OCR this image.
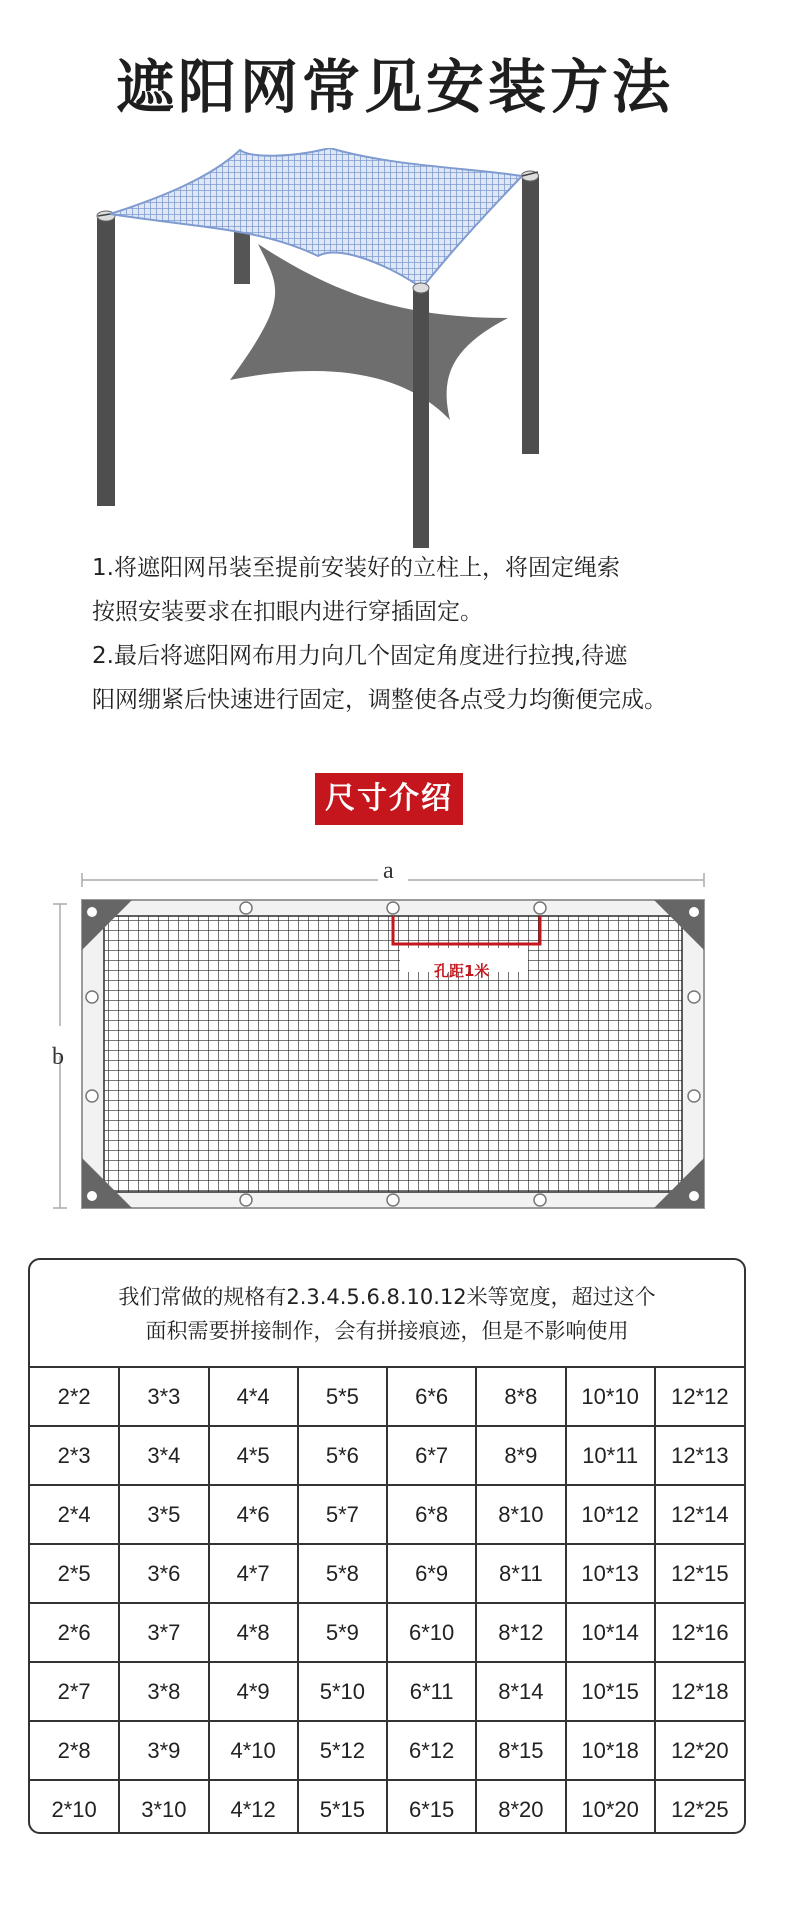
遮阳网常见安装方法

1.将遮阳网吊装至提前安装好的立柱上，将固定绳索

按照安装要求在扣眼内进行穿插固定。

2.最后将遮阳网布用力向几个固定角度进行拉拽,待遮

阳网绷紧后快速进行固定，调整使各点受力均衡便完成。

尺寸介绍
a
b
孔距1米
我们常做的规格有2.3.4.5.6.8.10.12米等宽度，超过这个
面积需要拼接制作，会有拼接痕迹，但是不影响使用
2*2	3*3	4*4	5*5	6*6	8*8	10*10	12*12
2*3	3*4	4*5	5*6	6*7	8*9	10*11	12*13
2*4	3*5	4*6	5*7	6*8	8*10	10*12	12*14
2*5	3*6	4*7	5*8	6*9	8*11	10*13	12*15
2*6	3*7	4*8	5*9	6*10	8*12	10*14	12*16
2*7	3*8	4*9	5*10	6*11	8*14	10*15	12*18
2*8	3*9	4*10	5*12	6*12	8*15	10*18	12*20
2*10	3*10	4*12	5*15	6*15	8*20	10*20	12*25
